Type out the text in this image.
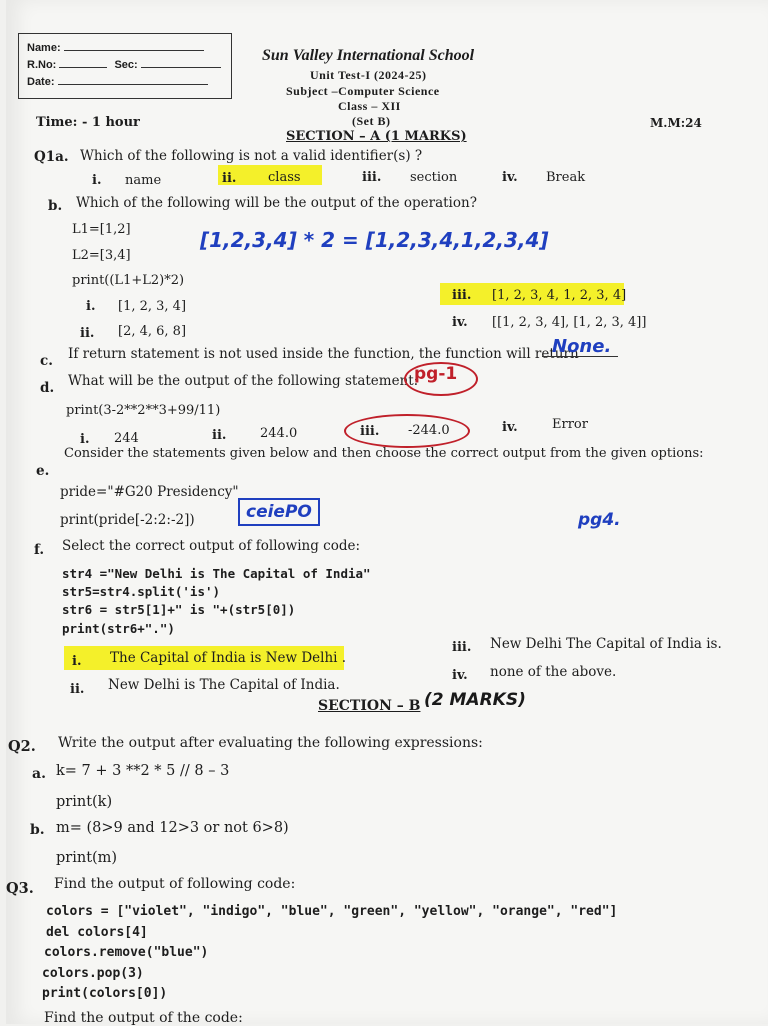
Name:
R.No:	Sec:
Date:
Sun Valley International School
Unit Test-I (2024-25)
Subject –Computer Science
Class – XII
(Set B)
Time: - 1 hour	M.M:24
SECTION – A (1 MARKS)
Q1a. Which of the following is not a valid identifier(s) ?
i. name	ii. class	iii. section	iv. Break
b. Which of the following will be the output of the operation?
L1=[1,2]
L2=[3,4]
print((L1+L2)*2)
[1,2,3,4] * 2 = [1,2,3,4,1,2,3,4]
i. [1, 2, 3, 4]
ii. [2, 4, 6, 8]
iii. [1, 2, 3, 4, 1, 2, 3, 4]
iv. [[1, 2, 3, 4], [1, 2, 3, 4]]
c. If return statement is not used inside the function, the function will return
None.
d. What will be the output of the following statement:
pg-1
print(3-2**2**3+99/11)
i. 244	ii.	244.0	iii. -244.0	iv.	Error
e.
Consider the statements given below and then choose the correct output from the given options:
pride="#G20 Presidency"
print(pride[-2:2:-2])	ceiePO	pg4.
f. Select the correct output of following code:
str4 ="New Delhi is The Capital of India"
str5=str4.split('is')
str6 = str5[1]+" is "+(str5[0])
print(str6+".")
i. The Capital of India is New Delhi .
ii. New Delhi is The Capital of India.
iii. New Delhi The Capital of India is.
iv. none of the above.
SECTION – B (2 MARKS)
Q2. Write the output after evaluating the following expressions:
a. k= 7 + 3 **2 * 5 // 8 – 3
print(k)
b. m= (8>9 and 12>3 or not 6>8)
print(m)
Q3. Find the output of following code:
colors = ["violet", "indigo", "blue", "green", "yellow", "orange", "red"]
del colors[4]
colors.remove("blue")
colors.pop(3)
print(colors[0])
Find the output of the code:
